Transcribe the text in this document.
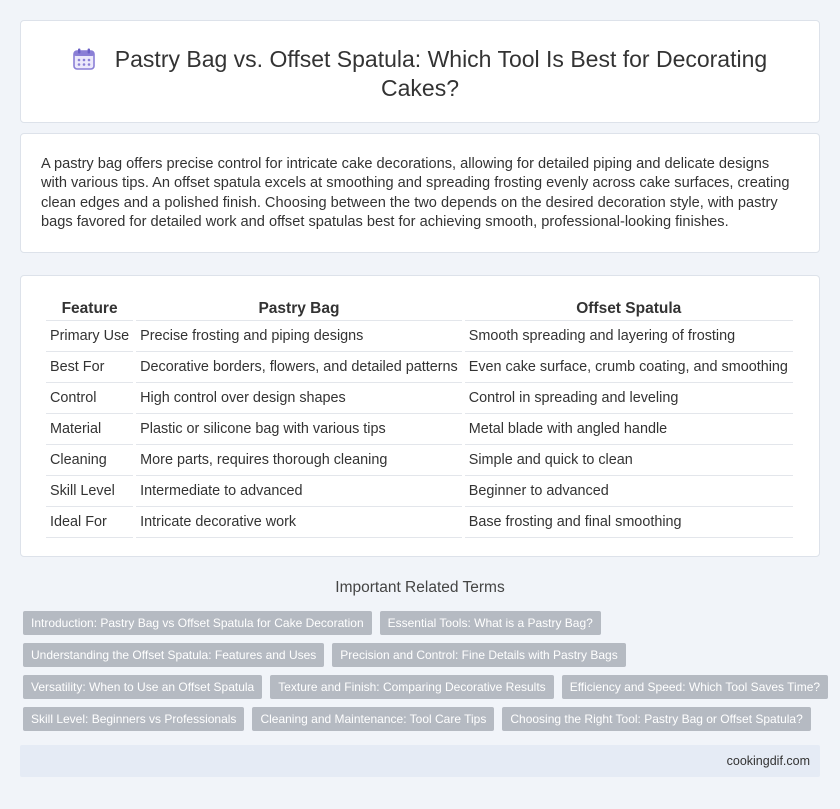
Pastry Bag vs. Offset Spatula: Which Tool Is Best for Decorating Cakes?

A pastry bag offers precise control for intricate cake decorations, allowing for detailed piping and delicate designs with various tips. An offset spatula excels at smoothing and spreading frosting evenly across cake surfaces, creating clean edges and a polished finish. Choosing between the two depends on the desired decoration style, with pastry bags favored for detailed work and offset spatulas best for achieving smooth, professional-looking finishes.

Feature	Pastry Bag	Offset Spatula
Primary Use	Precise frosting and piping designs	Smooth spreading and layering of frosting
Best For	Decorative borders, flowers, and detailed patterns	Even cake surface, crumb coating, and smoothing
Control	High control over design shapes	Control in spreading and leveling
Material	Plastic or silicone bag with various tips	Metal blade with angled handle
Cleaning	More parts, requires thorough cleaning	Simple and quick to clean
Skill Level	Intermediate to advanced	Beginner to advanced
Ideal For	Intricate decorative work	Base frosting and final smoothing
Important Related Terms
Introduction: Pastry Bag vs Offset Spatula for Cake Decoration	Essential Tools: What is a Pastry Bag?
Understanding the Offset Spatula: Features and Uses	Precision and Control: Fine Details with Pastry Bags
Versatility: When to Use an Offset Spatula	Texture and Finish: Comparing Decorative Results	Efficiency and Speed: Which Tool Saves Time?
Skill Level: Beginners vs Professionals	Cleaning and Maintenance: Tool Care Tips	Choosing the Right Tool: Pastry Bag or Offset Spatula?
cookingdif.com
